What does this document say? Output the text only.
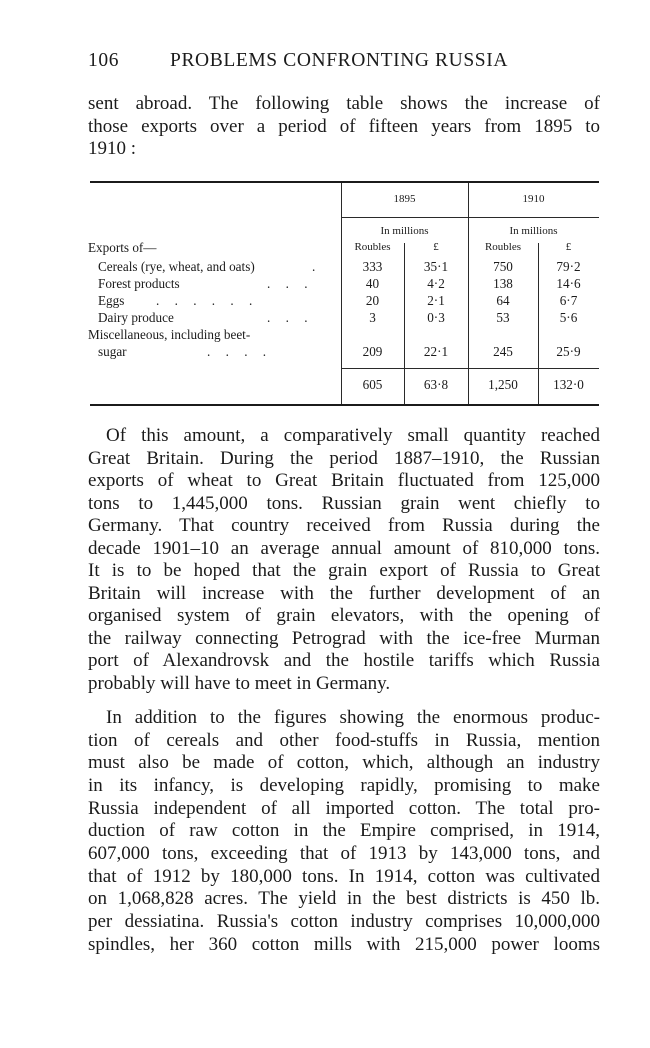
106	PROBLEMS CONFRONTING RUSSIA

sent abroad. The following table shows the increase of
those exports over a period of fifteen years from 1895 to
1910 :

1895	1910
In millions	In millions
Roubles	£	Roubles	£
Exports of—
Cereals (rye, wheat, and oats)	.	333	35·1	750	79·2
Forest products	. . .	40	4·2	138	14·6
Eggs . . . . . .	20	2·1	64	6·7
Dairy produce	. . .	3	0·3	53	5·6
Miscellaneous, including beet-
sugar	. . . .	209	22·1	245	25·9
605	63·8	1,250	132·0

Of this amount, a comparatively small quantity reached
Great Britain. During the period 1887–1910, the Russian
exports of wheat to Great Britain fluctuated from 125,000
tons to 1,445,000 tons. Russian grain went chiefly to
Germany. That country received from Russia during the
decade 1901–10 an average annual amount of 810,000 tons.
It is to be hoped that the grain export of Russia to Great
Britain will increase with the further development of an
organised system of grain elevators, with the opening of
the railway connecting Petrograd with the ice-free Murman
port of Alexandrovsk and the hostile tariffs which Russia
probably will have to meet in Germany.

In addition to the figures showing the enormous produc-
tion of cereals and other food-stuffs in Russia, mention
must also be made of cotton, which, although an industry
in its infancy, is developing rapidly, promising to make
Russia independent of all imported cotton. The total pro-
duction of raw cotton in the Empire comprised, in 1914,
607,000 tons, exceeding that of 1913 by 143,000 tons, and
that of 1912 by 180,000 tons. In 1914, cotton was cultivated
on 1,068,828 acres. The yield in the best districts is 450 lb.
per dessiatina. Russia's cotton industry comprises 10,000,000
spindles, her 360 cotton mills with 215,000 power looms
